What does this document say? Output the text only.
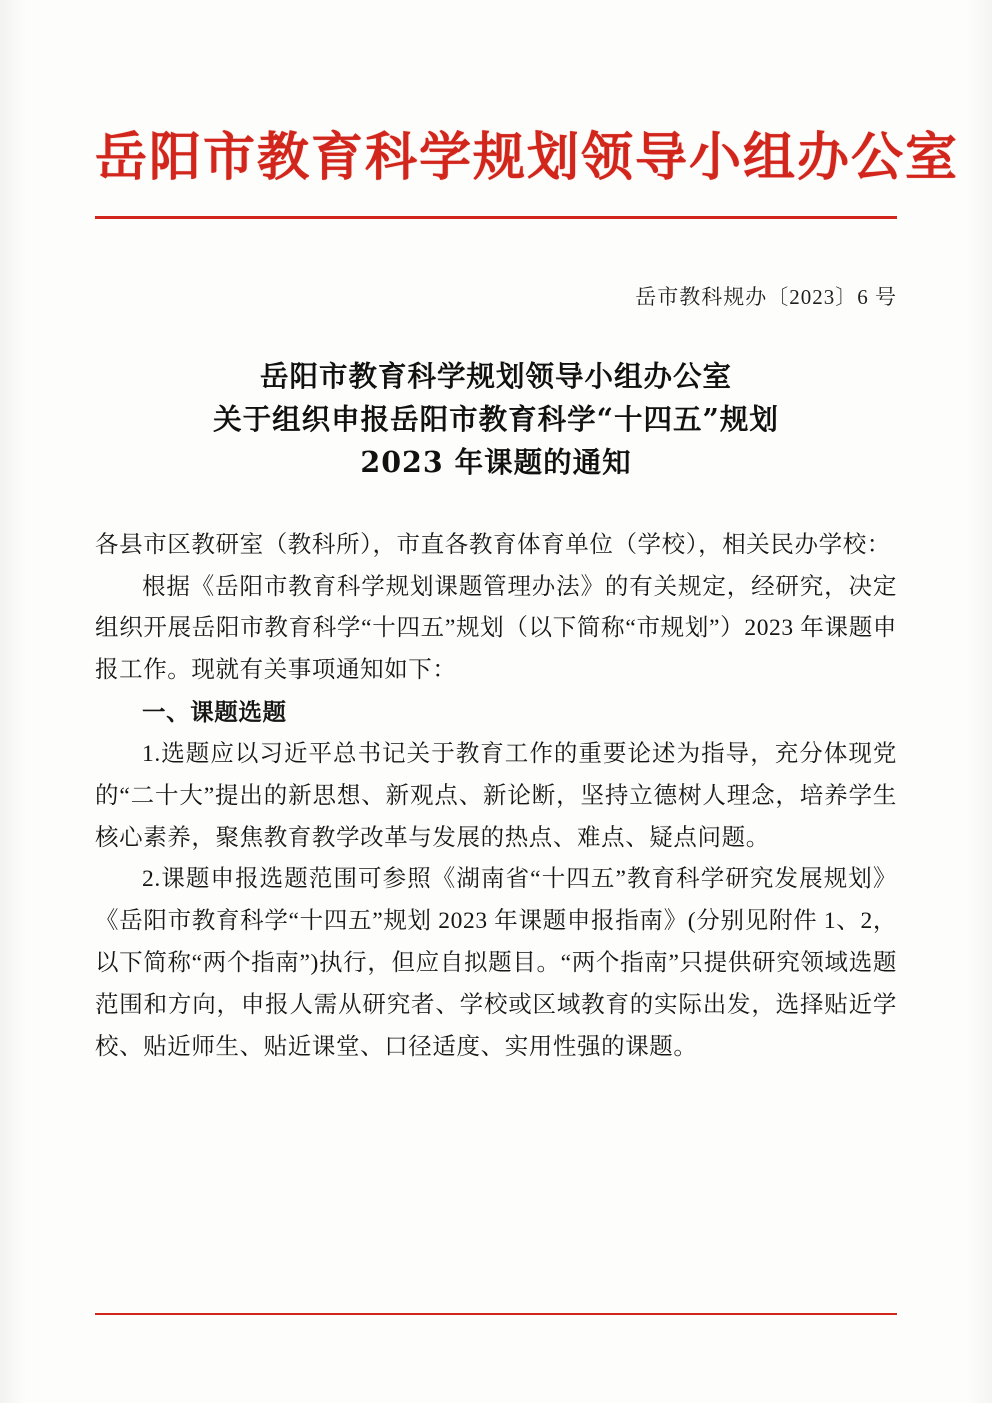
岳阳市教育科学规划领导小组办公室
岳市教科规办〔2023〕6 号
岳阳市教育科学规划领导小组办公室
关于组织申报岳阳市教育科学“十四五”规划
2023 年课题的通知

各县市区教研室（教科所），市直各教育体育单位（学校），相关民办学校：

根据《岳阳市教育科学规划课题管理办法》的有关规定，经研究，决定组织开展岳阳市教育科学“十四五”规划（以下简称“市规划”）2023 年课题申报工作。现就有关事项通知如下：

一、课题选题

1.选题应以习近平总书记关于教育工作的重要论述为指导，充分体现党的“二十大”提出的新思想、新观点、新论断，坚持立德树人理念，培养学生核心素养，聚焦教育教学改革与发展的热点、难点、疑点问题。

2.课题申报选题范围可参照《湖南省“十四五”教育科学研究发展规划》《岳阳市教育科学“十四五”规划 2023 年课题申报指南》(分别见附件 1、2，以下简称“两个指南”)执行，但应自拟题目。“两个指南”只提供研究领域选题范围和方向，申报人需从研究者、学校或区域教育的实际出发，选择贴近学校、贴近师生、贴近课堂、口径适度、实用性强的课题。
